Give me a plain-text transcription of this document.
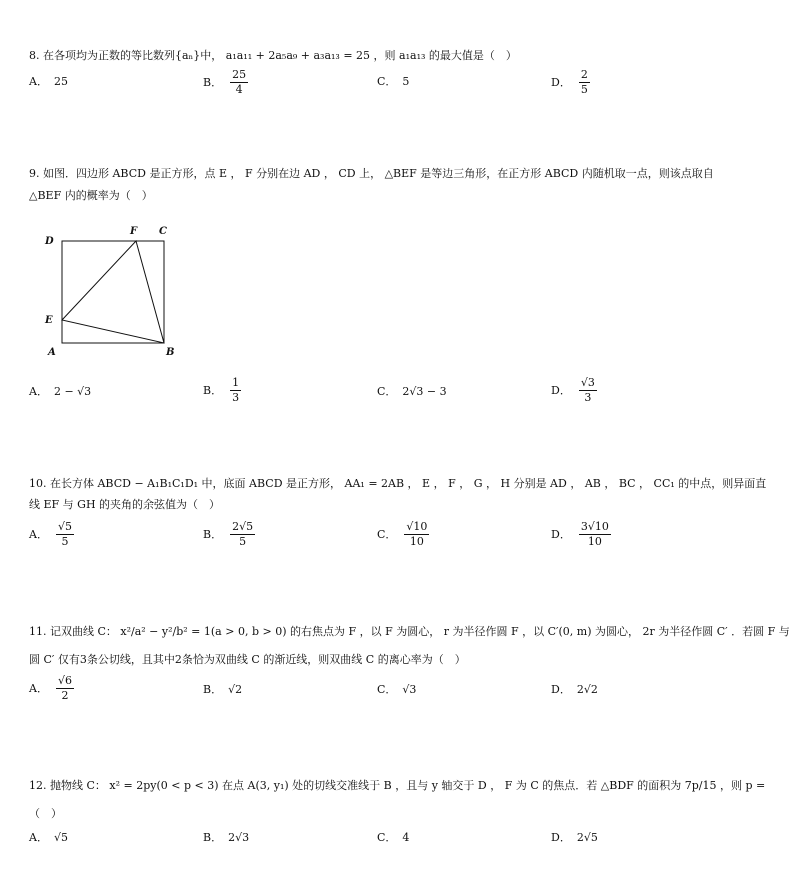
8. 在各项均为正数的等比数列{aₙ}中， a₁a₁₁ + 2a₅a₉ + a₃a₁₃ = 25 ，则 a₁a₁₃ 的最大值是（　）
A． 25	B． $\frac{25}{4}$	C． 5	D． $\frac{2}{5}$
9. 如图．四边形 ABCD 是正方形，点 E ， F 分别在边 AD ， CD 上， △BEF 是等边三角形，在正方形 ABCD 内随机取一点，则该点取自
△BEF 内的概率为（　）
D
F C
E
A	B
A． 2 − √3	B． $\frac{1}{3}$	C． 2√3 − 3	D． $\frac{√3}{3}$
10. 在长方体 ABCD − A₁B₁C₁D₁ 中，底面 ABCD 是正方形， AA₁ = 2AB ， E ， F ， G ， H 分别是 AD ， AB ， BC ， CC₁ 的中点，则异面直
线 EF 与 GH 的夹角的余弦值为（　）
A． $\frac{√5}{5}$	B． $\frac{2√5}{5}$	C． $\frac{√10}{10}$	D． $\frac{3√10}{10}$
11. 记双曲线 C： x²/a² − y²/b² = 1(a > 0, b > 0) 的右焦点为 F ，以 F 为圆心， r 为半径作圆 F ，以 C′(0, m) 为圆心， 2r 为半径作圆 C′ ．若圆 F 与
圆 C′ 仅有3条公切线，且其中2条恰为双曲线 C 的渐近线，则双曲线 C 的离心率为（　）
A． $\frac{√6}{2}$	B． √2	C． √3	D． 2√2
12. 抛物线 C： x² = 2py(0 < p < 3) 在点 A(3, y₁) 处的切线交准线于 B ，且与 y 轴交于 D ， F 为 C 的焦点．若 △BDF 的面积为 7p/15 ，则 p =
（　）
A． √5	B． 2√3	C． 4	D． 2√5
